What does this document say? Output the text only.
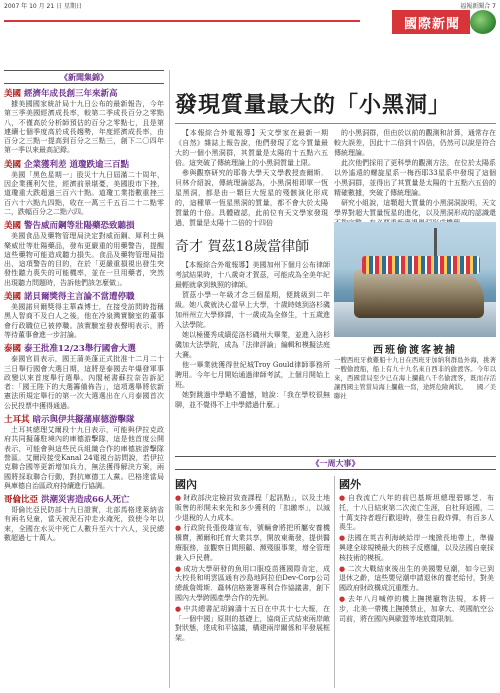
2007 年 10 月 21 日 星期日	福報新聞合 7
國際新聞
《新聞集錦》
美國 經濟年成長創三年來新高
據美國國家統計局十九日公布的最新報告，今年第三季美國經濟成長率，較第二季成長百分之零點八，不僅高於分析師預估的百分之零點七，且是第連續七個季度高於成長趨勢，年度經濟成長率，由百分之三點一提高到百分之三點三，創下二〇四年第一季以來最高記錄。
美國 企業獲利差 道瓊跌逾三百點
美國「黑色星期一」股災十九日屆滿二十周年，因企業獲利欠佳，經濟前景堪憂，美國股市下挫，道瓊重大跌超過三百六十點。道瓊工業指數重挫三百六十六點九四點，收在一萬三千五百二十二點零二，跌幅百分之二點六四。
美國 警告威而鋼等壯陽藥恐致聽損
美國食品及藥物管理局決定對威而鋼、犀利士與樂威壯等壯陽藥品，發布更嚴重的用藥警告，提醒這些藥物可能造成聽力損失。食品及藥物管理局指出，這項警告的目的，在於「更嚴重損視出發生突發性聽力喪失的可能機率，並在一旦用藥者，突然出現聽力問題時，告訴他們該怎麼做」。
美國 諾貝爾獎得主言論不當遭停職
美國諾貝爾獎得主華森博士，在接受訪問時指稱黑人智商不及白人之後，他在冷泉灣實驗室的董事會行政職位已被停職。該實驗室發表聲明表示，將等待董事會進一步討論。
泰國 泰王批准12/23舉行國會大選
泰國官員表示，國王蒲美蓬正式批准十二月二十三日舉行國會大選日期，這將是泰國去年爆發軍事政變以來首度舉行選舉。內閣秘書蘇拉奈告訴記者：「國王陛下的大選籌備佈告」，這項選舉將依新憲法所規定舉行的第一次大選選出在八月泰國首次公民投票中獲得通過。
土耳其 暗示與伊共擬藩庫德游擊隊
土耳其總理艾爾段十九日表示，可能與伊拉克政府共同擬藩駐境內的庫德游擊隊，這是他首度公開表示，可能會與這些民兵組織合作的庫德族游擊隊營區。艾爾段接受Kanal 24電視台訪問說，若伊拉克聯合國等更新增加兵力，無法獲得解決方案，兩國將採取聯合行動，對抗庫德工人黨。巴格達當局與庫德自治區政府持續進行協調。
哥倫比亞 洪潮災害造成66人死亡
哥倫比亞民防部十九日證實，北部馬格達萊納省有兩名兒童，當天被泥石沖走水淹死，致使今年以來，全國在水災中死亡人數升至六十六人，災民總數超過七十萬人。
發現質量最大的「小黑洞」

【本報綜合外電報導】天文學家在最新一期《自然》雜誌上報告說，他們發現了迄今質量最大的一個小黑洞群，其質量是太陽的十五點六五倍。這突破了傳統理論上的小黑洞質量上限。

參與觀察研究的耶魯大學天文學教授查爾斯．貝林介紹說，傳統理論認為，小黑洞相即單一恆星黑洞，都是由一顆巨大恆星的殘骸演化形成的，這種單一恆星黑洞的質量，都不會大於太陽質量的十倍。具體確認，此前位有天文學家發現過，質量是太陽十二倍的十四倍

的小黑洞群，但由於以前的觀測和計算，通常存在較大誤差，因此十二倍到十四倍，仍然可以說是符合傳統理論。

此次他們採用了更科學的觀測方法，在位於太陽系以外遙遠的螺旋星系一梅西耶33星系中發現了這個小黑洞群，並得出了其質量是太陽的十五點六五倍的精確數據，突破了傳統理論。

研究小組說，這顆超大質量的小黑洞洞說明，天文學界對超大質量恆星的進化，以及黑洞形成的認識還

奇才 賀茲18歲當律師

【本報綜合外電報導】美國加州下個月公布律師考試結果時，十八歲奇才賀茲，可能成為全美年紀最輕就拿到執照的律師。

賀茲小學一年級才念三個星期，便跳級到二年級。她八歲就決心當早上大學，十歲時她到洛杉磯加州州立大學修課，十一歲成為全修生，十五歲進入法學院。

她以極優秀成績從洛杉磯州大畢業，並進入洛杉磯加大法學院，成為「法律評論」編輯和模擬法庭大賽。

他一畢業就獲得世紀城Troy Gould律師事務所聘用。今年七月開始通過律師考試，上個月開始上班。

她對跳過中學略不遺憾，她說：「我在學校很無聊，並不覺得不上中學錯過什麼。」

西班偷渡客被捕
一艘西班牙救難船十九日在西班牙加納利群島外海，挑著一艘偷渡船，船上有九十九名來自西非的偷渡客。今年以來，西國當局至少已在海上攔截八千名偷渡客，既而存活讓西國主管當局海上攔截一寫，途經危險萬狀。　　國／美聯社
《一周大事》
國內	國外
● 財政部決定檢討致查課程「起訊點」，以及土地販售的形開未來先和多少獲利的「扣繳率」，以減少退稅的人力成本。
● 行政院長張俊雄宣布，號輛會將把所屬安養機構賣，瀕爾和托育大業共享，開放東衛發，提供醫療服務，並觀察日間照顧、瀕殘服事業，增全管理兼入戶民費。
● 成功大學研發的魚用口服疫苗獲國際肯定，成大校長和明雲區通有沙島地阿拉伯Dev-Corp公司總裁詹姆斯．聶林信格簽署專利合作協議書，創下國內大學跨國產學合作的先例。
● 中共總書記胡錦濤十五日在中共十七大報，在「一個中國」原則的基礎上，協商正式結束兩岸敵對狀態，達成和平協議，構建兩岸關係和平發展框架。
● 自我流亡八年的前巴基斯坦總理碧娜芝．布托，十八日結束第二次流亡生涯，自杜拜返國，二十萬支持者趕行歡迎時，發生自殺炸彈，有百多人喪生。
● 法國在英吉利海峽給岸一塊掀長地帶上，準備興建全球規模最大的核子反應爐，以及法國自豪採核技術的模板。
● 二次大戰結束後出生的美國嬰兒潮，如今已到退休之齡，這些嬰兒潮申請退休的養老給付，對美國政府財政構成沉重壓力。
● 去年八月喊停的機上撫摸寵物法規，本將一步，北美一帶機上撫摸禁止，加拿大、英國航空公司前，將在國內與歐盟等地放寬限制。
